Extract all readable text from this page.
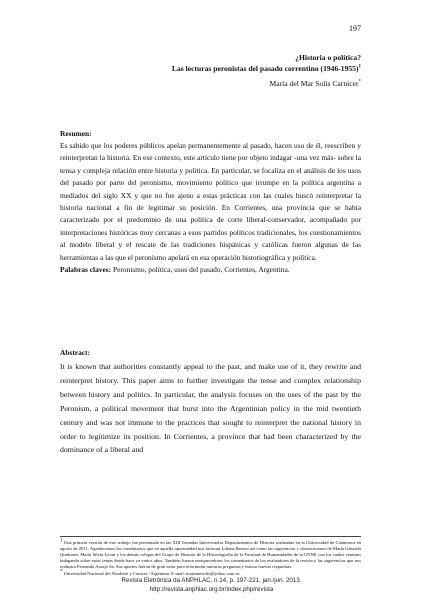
197
¿Historia o política?
Las lecturas peronistas del pasado correntino (1946-1955)$^1$
María del Mar Solís Carnicer*
Resumen:

Es sabido que los poderes públicos apelan permanentemente al pasado, hacen uso de él, reescriben y reinterpretan la historia. En ese contexto, este artículo tiene por objeto indagar -una vez más- sobre la tensa y compleja relación entre historia y política. En particular, se focaliza en el análisis de los usos del pasado por parte del peronismo, movimiento político que irrumpe en la política argentina a mediados del siglo XX y que no fue ajeno a estas prácticas con las cuales buscó reinterpretar la historia nacional a fin de legitimar su posición. En Corrientes, una provincia que se había caracterizado por el predominio de una política de corte liberal-conservador, acompañado por interpretaciones históricas muy cercanas a esos partidos políticos tradicionales, los cuestionamientos al modelo liberal y el rescate de las tradiciones hispánicas y católicas fueron algunas de las herramientas a las que el peronismo apelará en esa operación historiográfica y política.

Palabras claves: Peronismo, política, usos del pasado, Corrientes, Argentina.
Abstract:

It is known that authorities constantly appeal to the past, and make use of it, they rewrite and reinterpret history. This paper aims to further investigate the tense and complex relationship between history and politics. In particular, the analysis focuses on the uses of the past by the Peronism, a political movement that burst into the Argentinian policy in the mid twentieth century and was not immune to the practices that sought to reinterpret the national history in order to legitimize its position. In Corrientes, a province that had been characterized by the dominance of a liberal and

$^1$ Una primera versión de este trabajo fue presentada en las XIII Jornadas Interescuelas Departamentos de Historia realizadas en la Universidad de Catamarca en agosto de 2011. Agradecemos los comentarios que en aquella oportunidad nos hicieran Liliana Brezzo así como las sugerencias y observaciones de María Gabriela Quiñonez, María Silvia Leoni y los demás colegas del Grupo de Historia de la Historiografía de la Facultad de Humanidades de la UNNE con los cuales venimos indagando sobre estos temas desde hace ya varios años. También fueron enriquecedores los comentarios de los evaluadores de la revista y las sugerencias que nos realizara Fernando Araujo Sa. Sus aportes fueron de gran valor para reformular nuestras preguntas y buscar nuevas respuestas.

* Universidad Nacional del Nordeste y Conicet / Argentina. E-mail: marimarsolis@yahoo.com.ar.

Revista Eletrônica da ANPHLAC, n.14, p. 197-221, jan./jun. 2013.
http://revista.anphlac.org.br/index.php/revista
